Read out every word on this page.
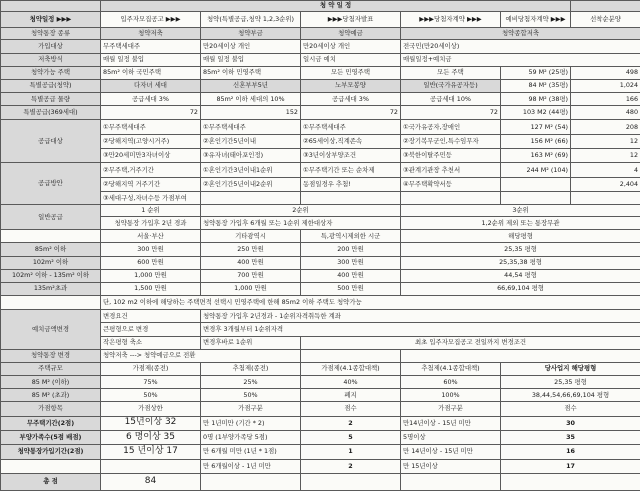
	청 약 일 정					
청약일정 ▶▶▶	입주자모집공고 ▶▶▶	청약(특별공급,청약 1,2,3순위)	▶▶▶당첨자발표	▶▶▶당첨자계약 ▶▶▶	예비당첨자계약 ▶▶▶	선착순분양
청약통장 종류	청약저축	청약부금	청약예금	청약종합저축		
가입대상	무주택세대주	만20세이상 개인	만20세이상 개인	전국민(만20세이상)		
저축방식	매월 일정 불입	매월 일정 불입	일시금 예치	매월일정+예치금		
청약가능 주택	85m² 이하 국민주택	85m² 이하 민영주택	모든 민영주택	모든 주택	59 M² (25평)	498
특별공급(청약)	다자녀 세대	신혼부부5년	노부모봉양	일반(국가유공자등)	84 M² (35평)	1,024
특별공급 물량	공급세대 3%	85m² 이하 세대의 10%	공급세대 3%	공급세대 10%	98 M² (38평)	166
특별공급(369세대)	72	152	72	72	103 M2 (44평)	480
공급대상	①무주택세대주	①무주택세대주	①무주택세대주	①국가유공자,장애인	127 M² (54)	208
	②당해지역(고양시거주)	②혼인기간5년이내	②65세이상,직계존속	②장기복무군인,특수임무자	156 M² (66)	12
	③만20세미만3자녀이상	③유자녀(태아포인정)	③3년이상부양조건	③북한이탈주민등	163 M² (69)	12
공급방안	②무주택,거주기간	①혼인기간3년이내1순위	①무주택기간 또는 순차제	③관계기관장 추천서	244 M² (104)	4
	②당해지역 거주기간	②혼인기간5년이내2순위	동점일경우 추첨!	④무주택확약서등		2,404
	③세대구성,자녀수등 가점부여					
일반공급	1 순위	2순위		3순위		
	청약통장 가입후 2년 경과	청약통장 가입후 6개월 또는 1순위 제한대상자		1,2순위 제외 또는 통장무관		
	서울·부산	기타광역시	특,광역시제외한 시군	해당평형		
85m² 이하	300 만원	250 만원	200 만원	25,35 평형		
102m² 이하	600 만원	400 만원	300 만원	25,35,38 평형		
102m² 이하 - 135m² 이하	1,000 만원	700 만원	400 만원	44,54 평형		
135m²초과	1,500 만원	1,000 만원	500 만원	66,69,104 평형		
	단, 102 m2 이하에 해당하는 주택면적 선택시 민영주택에 한해 85m2 이하 주택도 청약가능					
예치금액변경	변경요건	청약통장 가입후 2년경과 - 1순위자격취득한 계좌				
	큰평형으로 변경	변경후 3개월부터 1순위자격				
	작은평형 축소	변경후바로 1순위	최초 입주자모집공고 전일까지 변경조건			
청약통장 변경	청약저축 ---> 청약예금으로 전환					
주택규모	가점제(종전)	추첨제(종전)	가점제(4.1종합대책)	추첨제(4.1종합대책)	당사업지 해당평형	
85 M² (이하)	75%	25%	40%	60%	25,35 평형	
85 M² (초과)	50%	50%	폐지	100%	38,44,54,66,69,104 평형	
가점항목	가점상한	가점구분	점수	가점구분	점수	
무주택기간(2점)	15년이상 32	만 1년미만 (기간 * 2)	2	만14년이상 - 15년 미만	30	
부양가족수(5점 배점)	6 명이상 35	0명 (1부양가족당 5점)	5	5명이상	35	
청약통장가입기간(2점)	15 년이상 17	만 6개월 미만 (1년 * 1점)	1	만 14년이상 - 15년 미만	16	
		만 6개월이상 - 1년 미만	2	만 15년이상	17	
총 점	84					
